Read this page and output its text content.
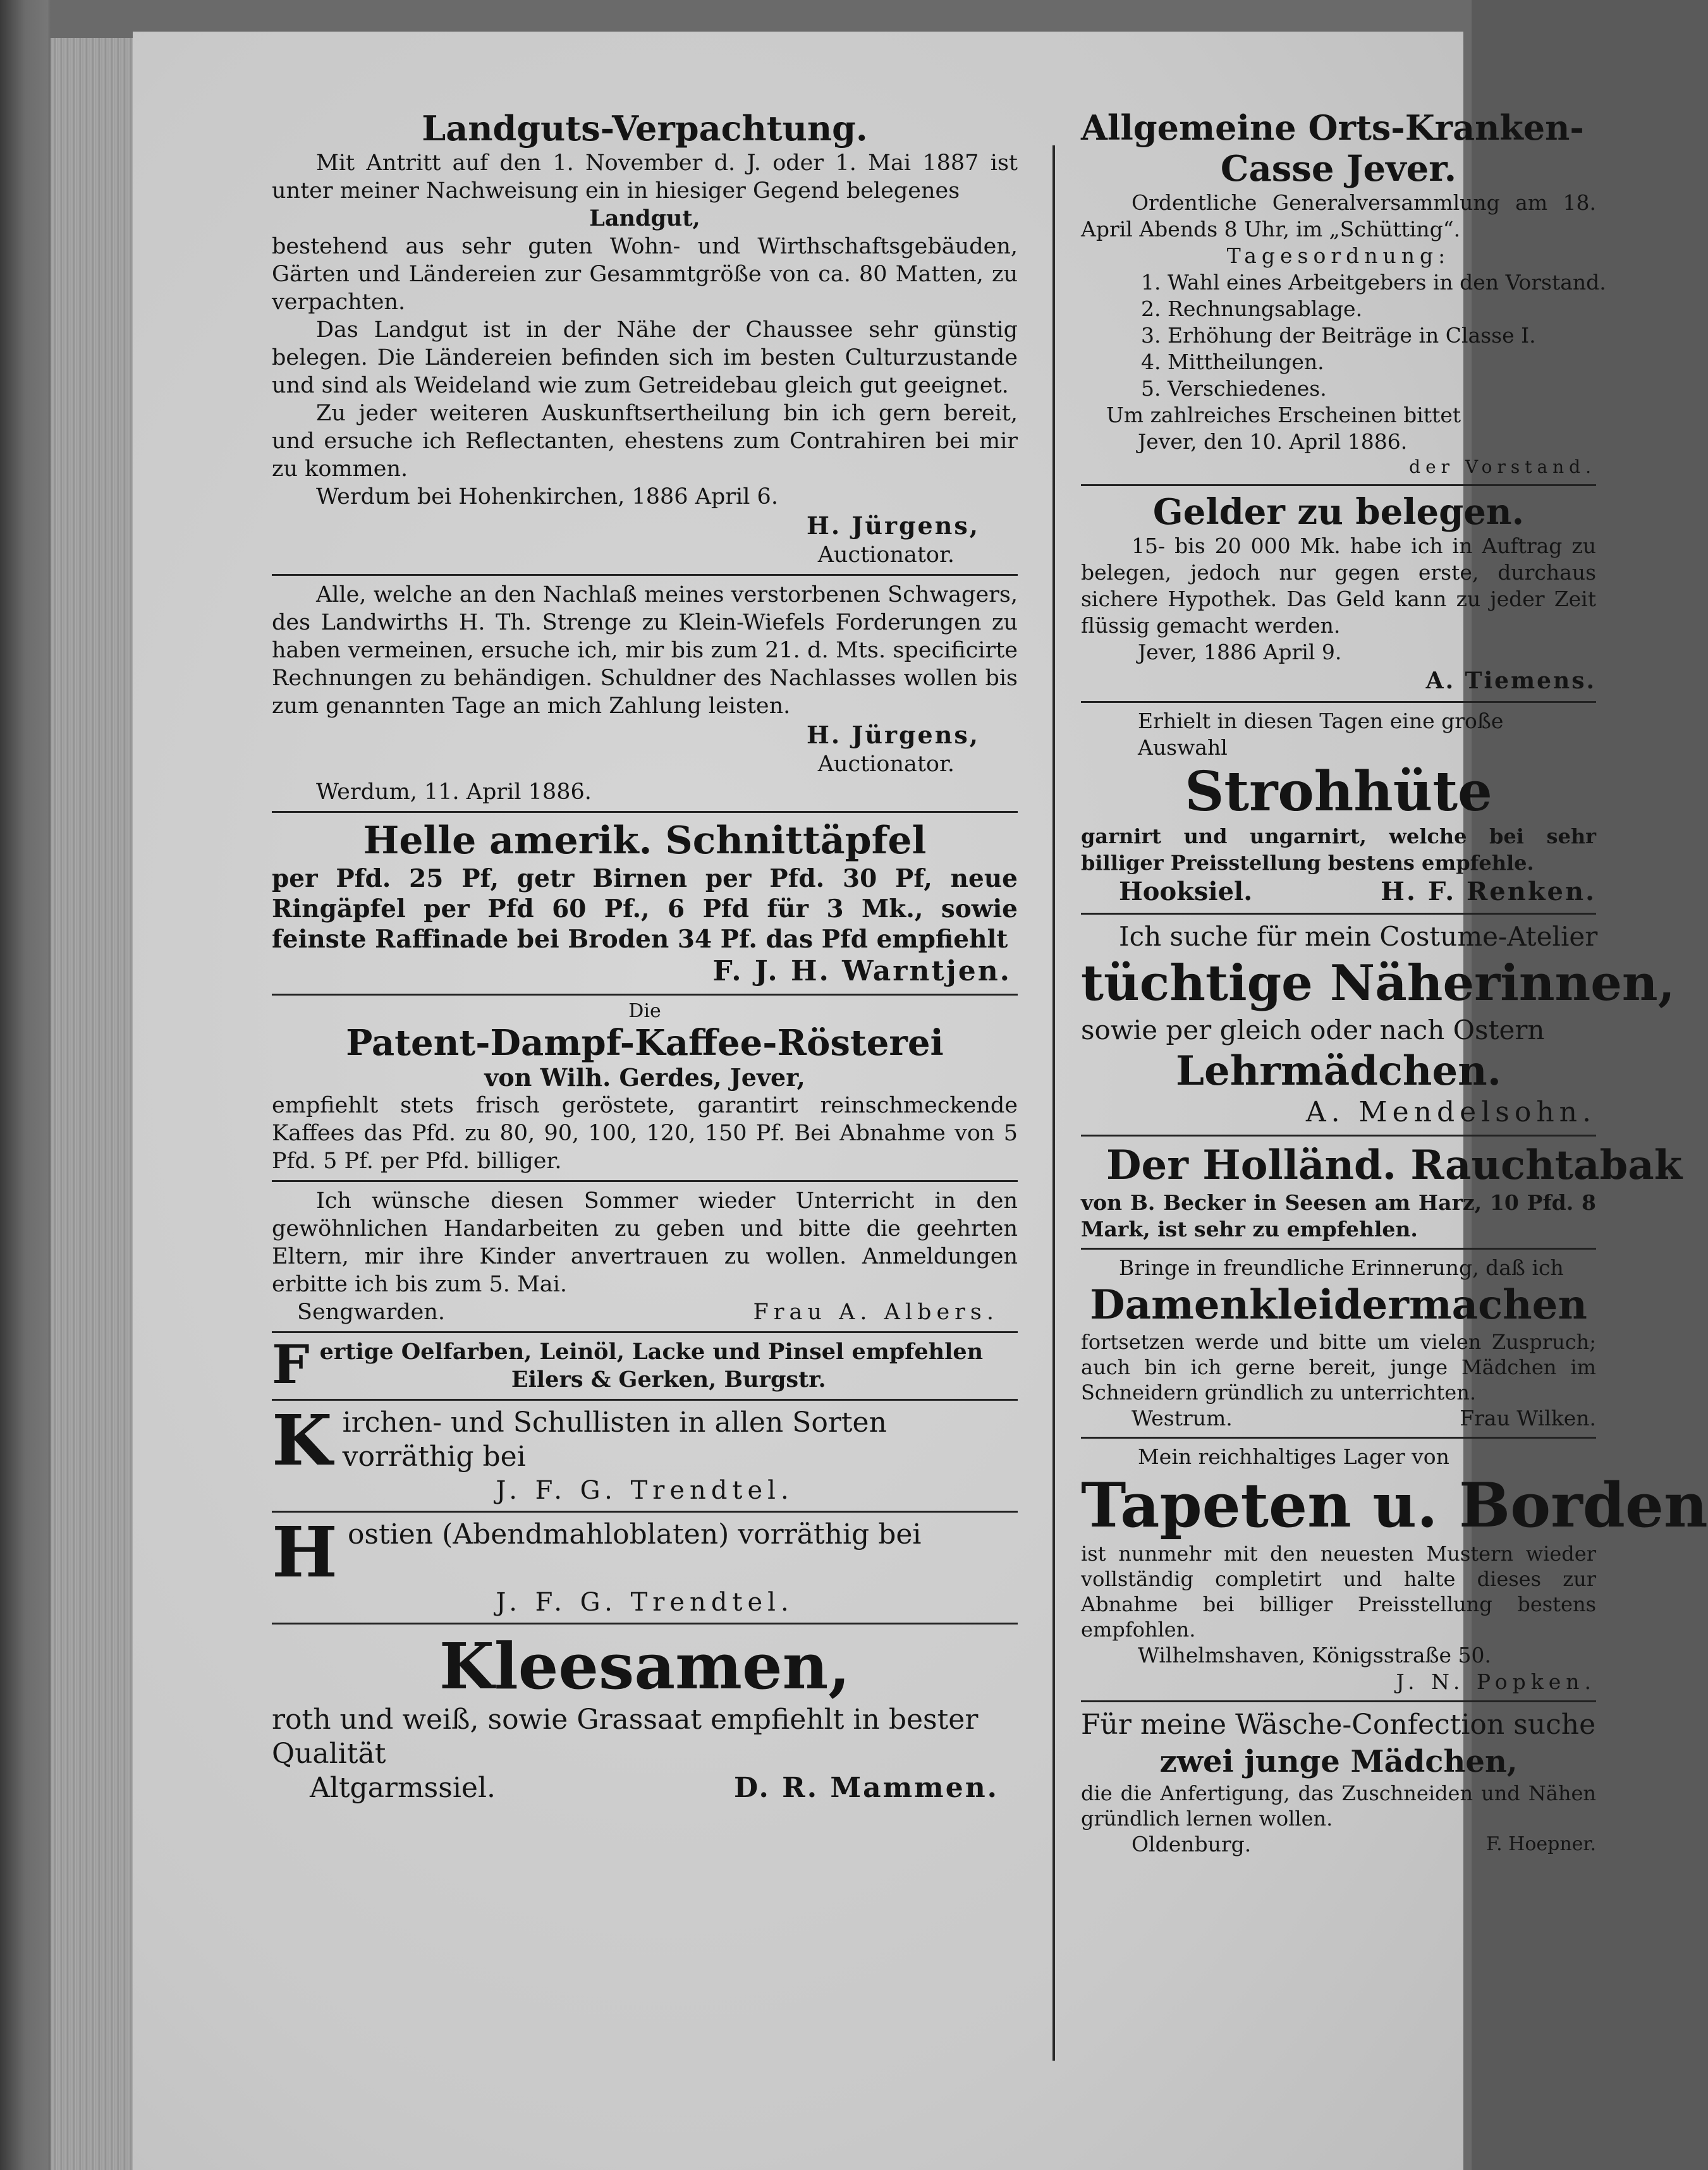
Landguts-Verpachtung.

Mit Antritt auf den 1. November d. J. oder 1. Mai 1887 ist unter meiner Nachweisung ein in hiesiger Gegend belegenes

Landgut,

bestehend aus sehr guten Wohn- und Wirthschaftsgebäuden, Gärten und Ländereien zur Gesammtgröße von ca. 80 Matten, zu verpachten.

Das Landgut ist in der Nähe der Chaussee sehr günstig belegen. Die Ländereien befinden sich im besten Culturzustande und sind als Weideland wie zum Getreidebau gleich gut geeignet.

Zu jeder weiteren Auskunftsertheilung bin ich gern bereit, und ersuche ich Reflectanten, ehestens zum Contrahiren bei mir zu kommen.

Werdum bei Hohenkirchen, 1886 April 6.

H. Jürgens,

Auctionator.

Alle, welche an den Nachlaß meines verstorbenen Schwagers, des Landwirths H. Th. Strenge zu Klein-Wiefels Forderungen zu haben vermeinen, ersuche ich, mir bis zum 21. d. Mts. specificirte Rechnungen zu behändigen. Schuldner des Nachlasses wollen bis zum genannten Tage an mich Zahlung leisten.

H. Jürgens,

Auctionator.

Werdum, 11. April 1886.

Helle amerik. Schnittäpfel

per Pfd. 25 Pf, getr Birnen per Pfd. 30 Pf, neue Ringäpfel per Pfd 60 Pf., 6 Pfd für 3 Mk., sowie feinste Raffinade bei Broden 34 Pf. das Pfd empfiehlt

F. J. H. Warntjen.

Die

Patent-Dampf-Kaffee-Rösterei

von Wilh. Gerdes, Jever,

empfiehlt stets frisch geröstete, garantirt reinschmeckende Kaffees das Pfd. zu 80, 90, 100, 120, 150 Pf. Bei Abnahme von 5 Pfd. 5 Pf. per Pfd. billiger.

Ich wünsche diesen Sommer wieder Unterricht in den gewöhnlichen Handarbeiten zu geben und bitte die geehrten Eltern, mir ihre Kinder anvertrauen zu wollen. Anmeldungen erbitte ich bis zum 5. Mai.

Sengwarden.	Frau A. Albers.

F ertige Oelfarben, Leinöl, Lacke und Pinsel empfehlen

Eilers & Gerken, Burgstr.

K irchen- und Schullisten in allen Sorten vorräthig bei

J. F. G. Trendtel.

H ostien (Abendmahloblaten) vorräthig bei

J. F. G. Trendtel.

Kleesamen,

roth und weiß, sowie Grassaat empfiehlt in bester Qualität

Altgarmssiel.	D. R. Mammen.

Allgemeine Orts-Kranken-

Casse Jever.

Ordentliche Generalversammlung am 18. April Abends 8 Uhr, im „Schütting“.

Tagesordnung:

1. Wahl eines Arbeitgebers in den Vorstand.

2. Rechnungsablage.

3. Erhöhung der Beiträge in Classe I.

4. Mittheilungen.

5. Verschiedenes.

Um zahlreiches Erscheinen bittet

Jever, den 10. April 1886.

der Vorstand.

Gelder zu belegen.

15- bis 20 000 Mk. habe ich in Auftrag zu belegen, jedoch nur gegen erste, durchaus sichere Hypothek. Das Geld kann zu jeder Zeit flüssig gemacht werden.

Jever, 1886 April 9.

A. Tiemens.

Erhielt in diesen Tagen eine große Auswahl

Strohhüte

garnirt und ungarnirt, welche bei sehr billiger Preisstellung bestens empfehle.

Hooksiel.	H. F. Renken.

Ich suche für mein Costume-Atelier

tüchtige Näherinnen,

sowie per gleich oder nach Ostern

Lehrmädchen.

A. Mendelsohn.

Der Holländ. Rauchtabak

von B. Becker in Seesen am Harz, 10 Pfd. 8 Mark, ist sehr zu empfehlen.

Bringe in freundliche Erinnerung, daß ich

Damenkleidermachen

fortsetzen werde und bitte um vielen Zuspruch; auch bin ich gerne bereit, junge Mädchen im Schneidern gründlich zu unterrichten.

Westrum.	Frau Wilken.

Mein reichhaltiges Lager von

Tapeten u. Borden

ist nunmehr mit den neuesten Mustern wieder vollständig completirt und halte dieses zur Abnahme bei billiger Preisstellung bestens empfohlen.

Wilhelmshaven, Königsstraße 50.

J. N. Popken.

Für meine Wäsche-Confection suche

zwei junge Mädchen,

die die Anfertigung, das Zuschneiden und Nähen gründlich lernen wollen.

Oldenburg.	F. Hoepner.
